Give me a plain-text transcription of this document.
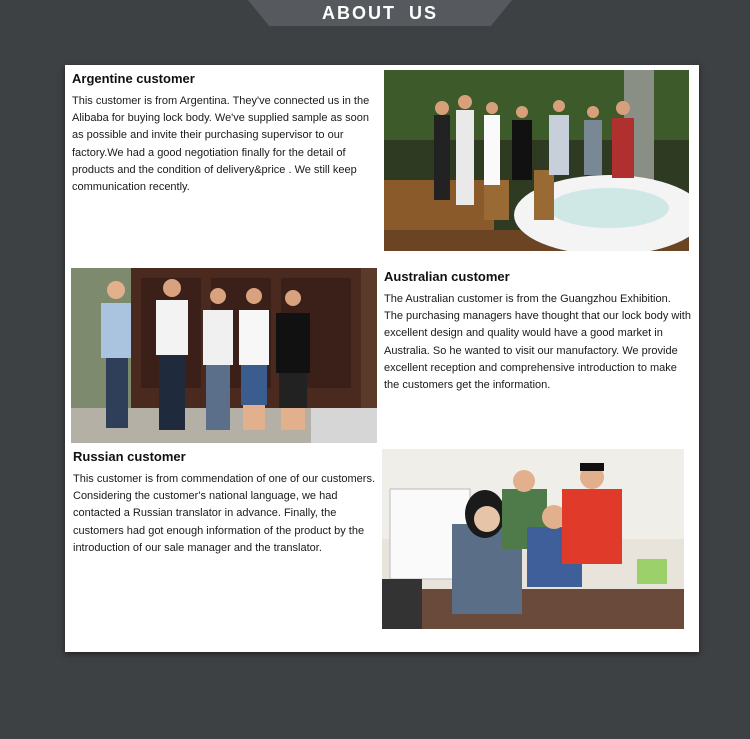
ABOUT US
Argentine customer

This customer is from Argentina. They've connected us in the Alibaba for buying lock body. We've supplied sample as soon as possible and invite their purchasing supervisor to our factory.We had a good negotiation finally for the detail of products and the condition of delivery&price . We still keep communication recently.

Australian customer

The Australian customer is from the Guangzhou Exhibition. The purchasing managers have thought that our lock body with excellent design and quality would have a good market in Australia. So he wanted to visit our manufactory. We provide excellent reception and comprehensive introduction to make the customers get the information.

Russian customer

This customer is from commendation of one of our customers. Considering the customer's national language, we had contacted a Russian translator in advance. Finally, the customers had got enough information of the product by the introduction of our sale manager and the translator.
